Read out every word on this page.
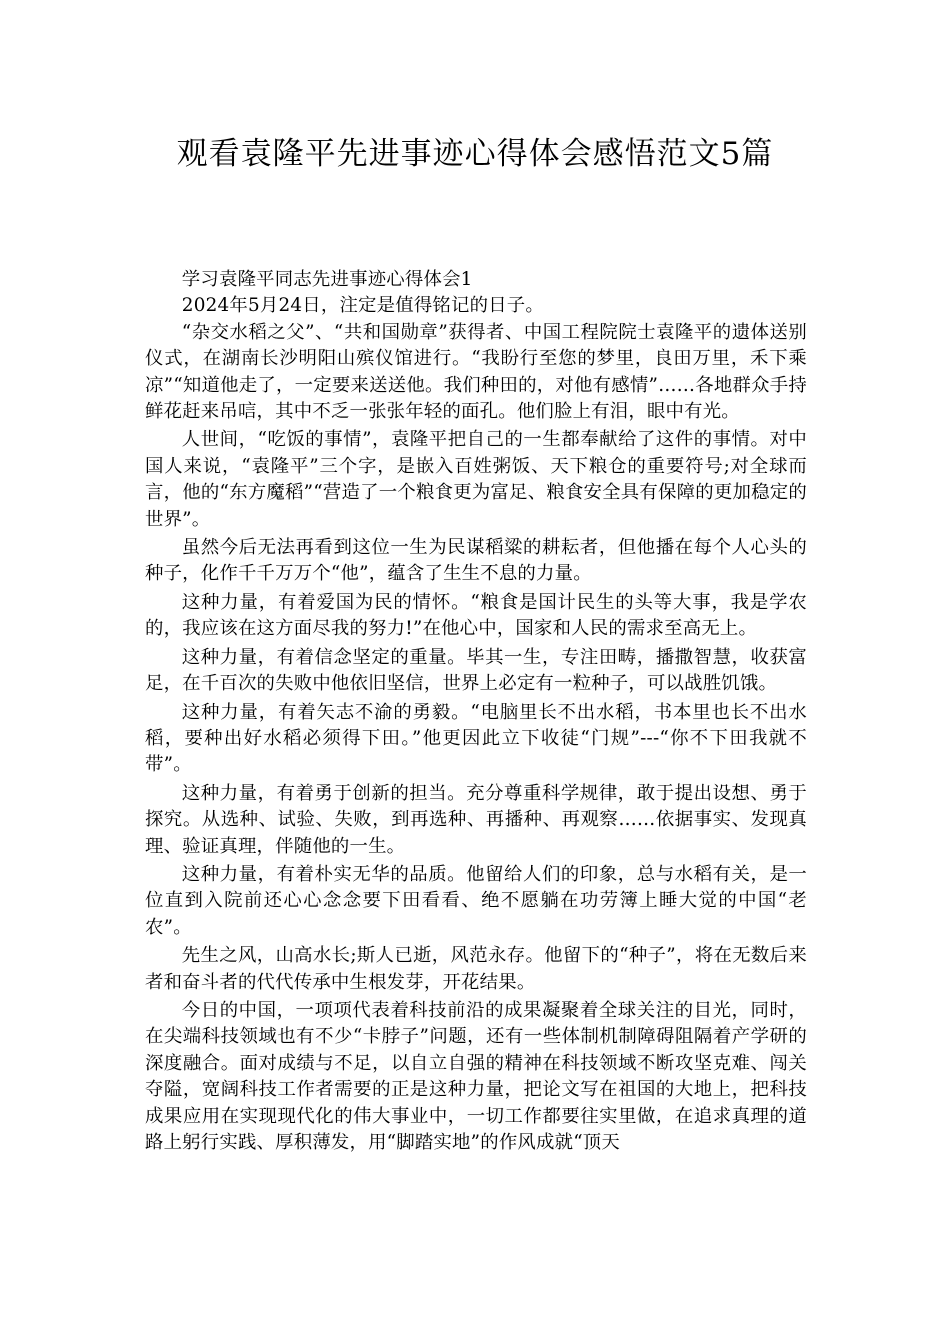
观看袁隆平先进事迹心得体会感悟范文5篇

学习袁隆平同志先进事迹心得体会1

2024年5月24日，注定是值得铭记的日子。

“杂交水稻之父”、“共和国勋章”获得者、中国工程院院士袁隆平的遗体送别仪式，在湖南长沙明阳山殡仪馆进行。“我盼行至您的梦里，良田万里，禾下乘凉”“知道他走了，一定要来送送他。我们种田的，对他有感情”……各地群众手持鲜花赶来吊唁，其中不乏一张张年轻的面孔。他们脸上有泪，眼中有光。

人世间，“吃饭的事情”，袁隆平把自己的一生都奉献给了这件的事情。对中国人来说，“袁隆平”三个字，是嵌入百姓粥饭、天下粮仓的重要符号;对全球而言，他的“东方魔稻”“营造了一个粮食更为富足、粮食安全具有保障的更加稳定的世界”。

虽然今后无法再看到这位一生为民谋稻粱的耕耘者，但他播在每个人心头的种子，化作千千万万个“他”，蕴含了生生不息的力量。

这种力量，有着爱国为民的情怀。“粮食是国计民生的头等大事，我是学农的，我应该在这方面尽我的努力!”在他心中，国家和人民的需求至高无上。

这种力量，有着信念坚定的重量。毕其一生，专注田畴，播撒智慧，收获富足，在千百次的失败中他依旧坚信，世界上必定有一粒种子，可以战胜饥饿。

这种力量，有着矢志不渝的勇毅。“电脑里长不出水稻，书本里也长不出水稻，要种出好水稻必须得下田。”他更因此立下收徒“门规”---“你不下田我就不带”。

这种力量，有着勇于创新的担当。充分尊重科学规律，敢于提出设想、勇于探究。从选种、试验、失败，到再选种、再播种、再观察……依据事实、发现真理、验证真理，伴随他的一生。

这种力量，有着朴实无华的品质。他留给人们的印象，总与水稻有关，是一位直到入院前还心心念念要下田看看、绝不愿躺在功劳簿上睡大觉的中国“老农”。

先生之风，山高水长;斯人已逝，风范永存。他留下的“种子”，将在无数后来者和奋斗者的代代传承中生根发芽，开花结果。

今日的中国，一项项代表着科技前沿的成果凝聚着全球关注的目光，同时，在尖端科技领域也有不少“卡脖子”问题，还有一些体制机制障碍阻隔着产学研的深度融合。面对成绩与不足，以自立自强的精神在科技领域不断攻坚克难、闯关夺隘，宽阔科技工作者需要的正是这种力量，把论文写在祖国的大地上，把科技成果应用在实现现代化的伟大事业中，一切工作都要往实里做，在追求真理的道路上躬行实践、厚积薄发，用“脚踏实地”的作风成就“顶天
